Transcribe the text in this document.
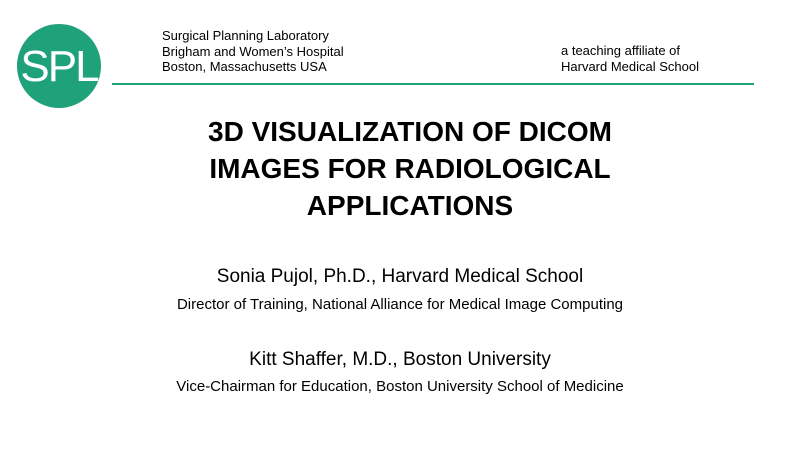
SPL
Surgical Planning Laboratory
Brigham and Women’s Hospital
Boston, Massachusetts USA
a teaching affiliate of
Harvard Medical School
3D VISUALIZATION OF DICOM
IMAGES FOR RADIOLOGICAL
APPLICATIONS
Sonia Pujol, Ph.D., Harvard Medical School
Director of Training, National Alliance for Medical Image Computing
Kitt Shaffer, M.D., Boston University
Vice-Chairman for Education, Boston University School of Medicine
